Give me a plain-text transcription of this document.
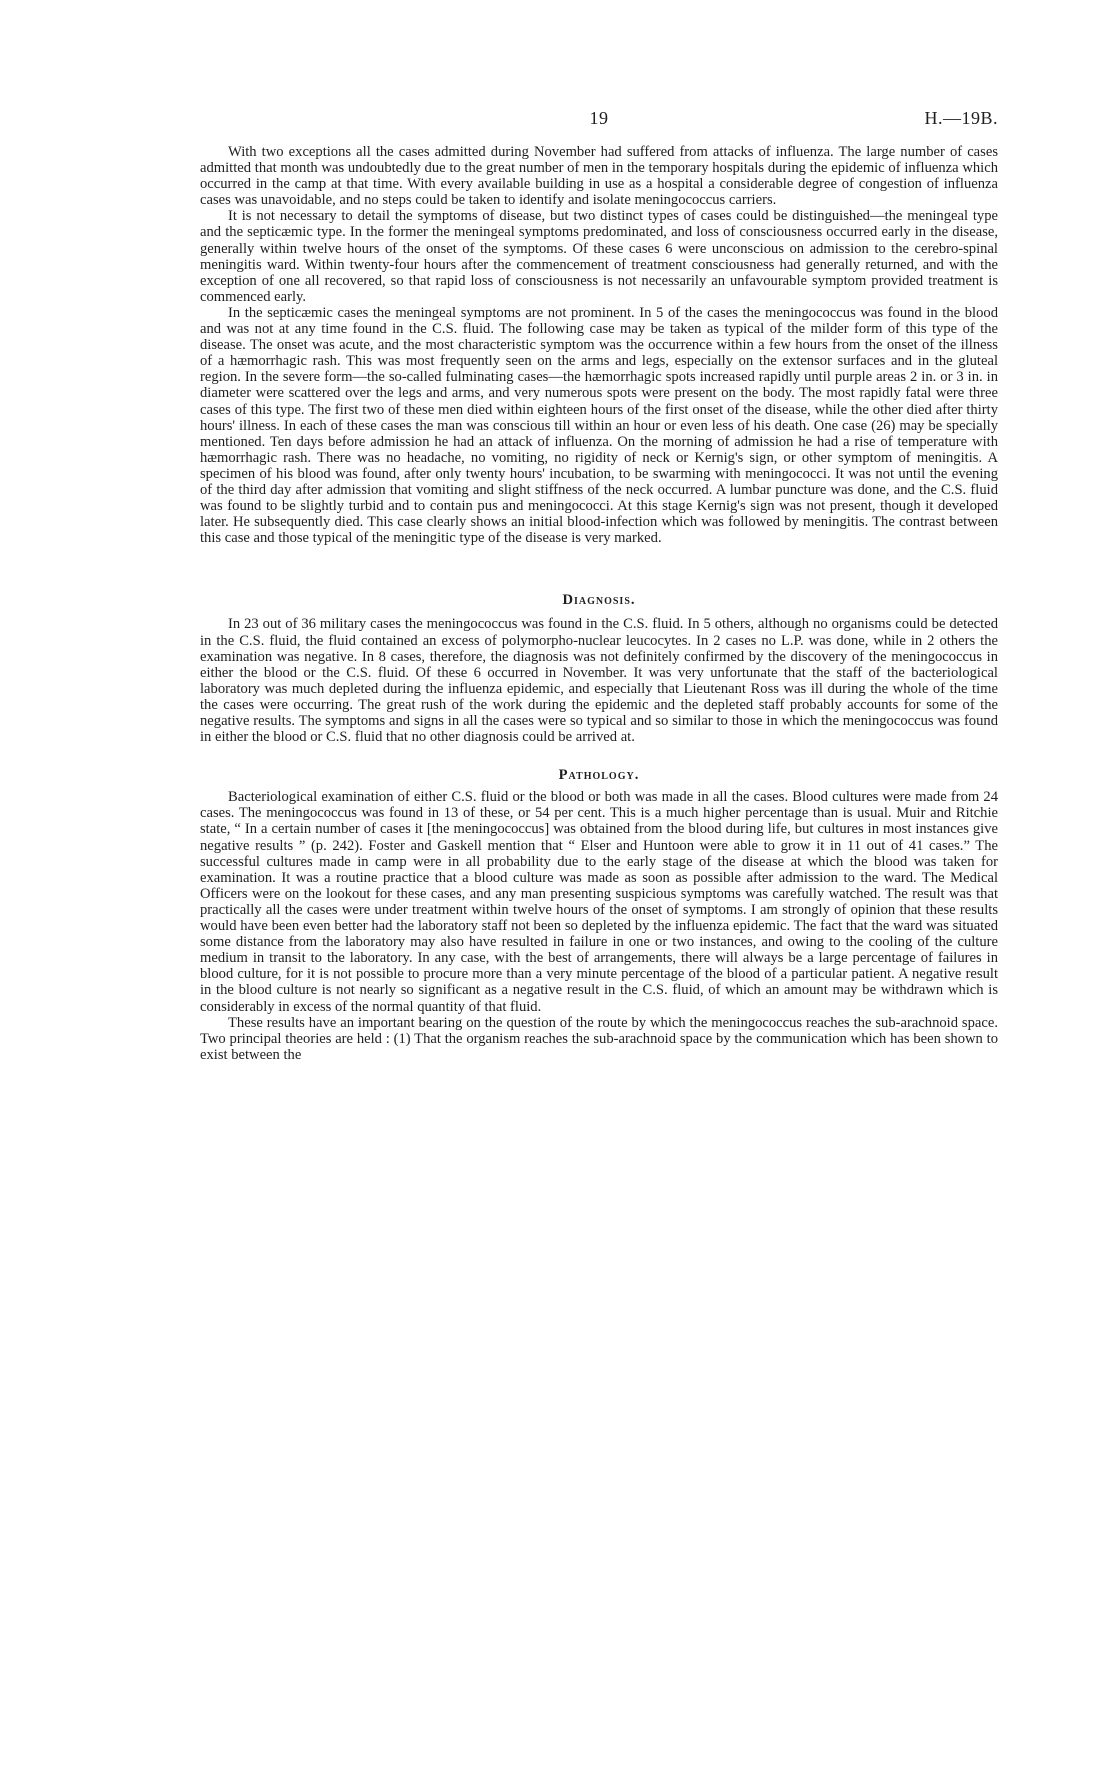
19	H.—19B.

With two exceptions all the cases admitted during November had suffered from attacks of influenza. The large number of cases admitted that month was undoubtedly due to the great number of men in the temporary hospitals during the epidemic of influenza which occurred in the camp at that time. With every available building in use as a hospital a considerable degree of congestion of influenza cases was unavoidable, and no steps could be taken to identify and isolate meningococcus carriers.

It is not necessary to detail the symptoms of disease, but two distinct types of cases could be distinguished—the meningeal type and the septicæmic type. In the former the meningeal symptoms predominated, and loss of consciousness occurred early in the disease, generally within twelve hours of the onset of the symptoms. Of these cases 6 were unconscious on admission to the cerebro-spinal meningitis ward. Within twenty-four hours after the commencement of treatment consciousness had generally returned, and with the exception of one all recovered, so that rapid loss of consciousness is not necessarily an unfavourable symptom provided treatment is commenced early.

In the septicæmic cases the meningeal symptoms are not prominent. In 5 of the cases the meningococcus was found in the blood and was not at any time found in the C.S. fluid. The following case may be taken as typical of the milder form of this type of the disease. The onset was acute, and the most characteristic symptom was the occurrence within a few hours from the onset of the illness of a hæmorrhagic rash. This was most frequently seen on the arms and legs, especially on the extensor surfaces and in the gluteal region. In the severe form—the so-called fulminating cases—the hæmorrhagic spots increased rapidly until purple areas 2 in. or 3 in. in diameter were scattered over the legs and arms, and very numerous spots were present on the body. The most rapidly fatal were three cases of this type. The first two of these men died within eighteen hours of the first onset of the disease, while the other died after thirty hours' illness. In each of these cases the man was conscious till within an hour or even less of his death. One case (26) may be specially mentioned. Ten days before admission he had an attack of influenza. On the morning of admission he had a rise of temperature with hæmorrhagic rash. There was no headache, no vomiting, no rigidity of neck or Kernig's sign, or other symptom of meningitis. A specimen of his blood was found, after only twenty hours' incubation, to be swarming with meningococci. It was not until the evening of the third day after admission that vomiting and slight stiffness of the neck occurred. A lumbar puncture was done, and the C.S. fluid was found to be slightly turbid and to contain pus and meningococci. At this stage Kernig's sign was not present, though it developed later. He subsequently died. This case clearly shows an initial blood-infection which was followed by meningitis. The contrast between this case and those typical of the meningitic type of the disease is very marked.

Diagnosis.

In 23 out of 36 military cases the meningococcus was found in the C.S. fluid. In 5 others, although no organisms could be detected in the C.S. fluid, the fluid contained an excess of polymorpho-nuclear leucocytes. In 2 cases no L.P. was done, while in 2 others the examination was negative. In 8 cases, therefore, the diagnosis was not definitely confirmed by the discovery of the meningococcus in either the blood or the C.S. fluid. Of these 6 occurred in November. It was very unfortunate that the staff of the bacteriological laboratory was much depleted during the influenza epidemic, and especially that Lieutenant Ross was ill during the whole of the time the cases were occurring. The great rush of the work during the epidemic and the depleted staff probably accounts for some of the negative results. The symptoms and signs in all the cases were so typical and so similar to those in which the meningococcus was found in either the blood or C.S. fluid that no other diagnosis could be arrived at.

Pathology.

Bacteriological examination of either C.S. fluid or the blood or both was made in all the cases. Blood cultures were made from 24 cases. The meningococcus was found in 13 of these, or 54 per cent. This is a much higher percentage than is usual. Muir and Ritchie state, “ In a certain number of cases it [the meningococcus] was obtained from the blood during life, but cultures in most instances give negative results ” (p. 242). Foster and Gaskell mention that “ Elser and Huntoon were able to grow it in 11 out of 41 cases.” The successful cultures made in camp were in all probability due to the early stage of the disease at which the blood was taken for examination. It was a routine practice that a blood culture was made as soon as possible after admission to the ward. The Medical Officers were on the lookout for these cases, and any man presenting suspicious symptoms was carefully watched. The result was that practically all the cases were under treatment within twelve hours of the onset of symptoms. I am strongly of opinion that these results would have been even better had the laboratory staff not been so depleted by the influenza epidemic. The fact that the ward was situated some distance from the laboratory may also have resulted in failure in one or two instances, and owing to the cooling of the culture medium in transit to the laboratory. In any case, with the best of arrangements, there will always be a large percentage of failures in blood culture, for it is not possible to procure more than a very minute percentage of the blood of a particular patient. A negative result in the blood culture is not nearly so significant as a negative result in the C.S. fluid, of which an amount may be withdrawn which is considerably in excess of the normal quantity of that fluid.

These results have an important bearing on the question of the route by which the meningococcus reaches the sub-arachnoid space. Two principal theories are held : (1) That the organism reaches the sub-arachnoid space by the communication which has been shown to exist between the
